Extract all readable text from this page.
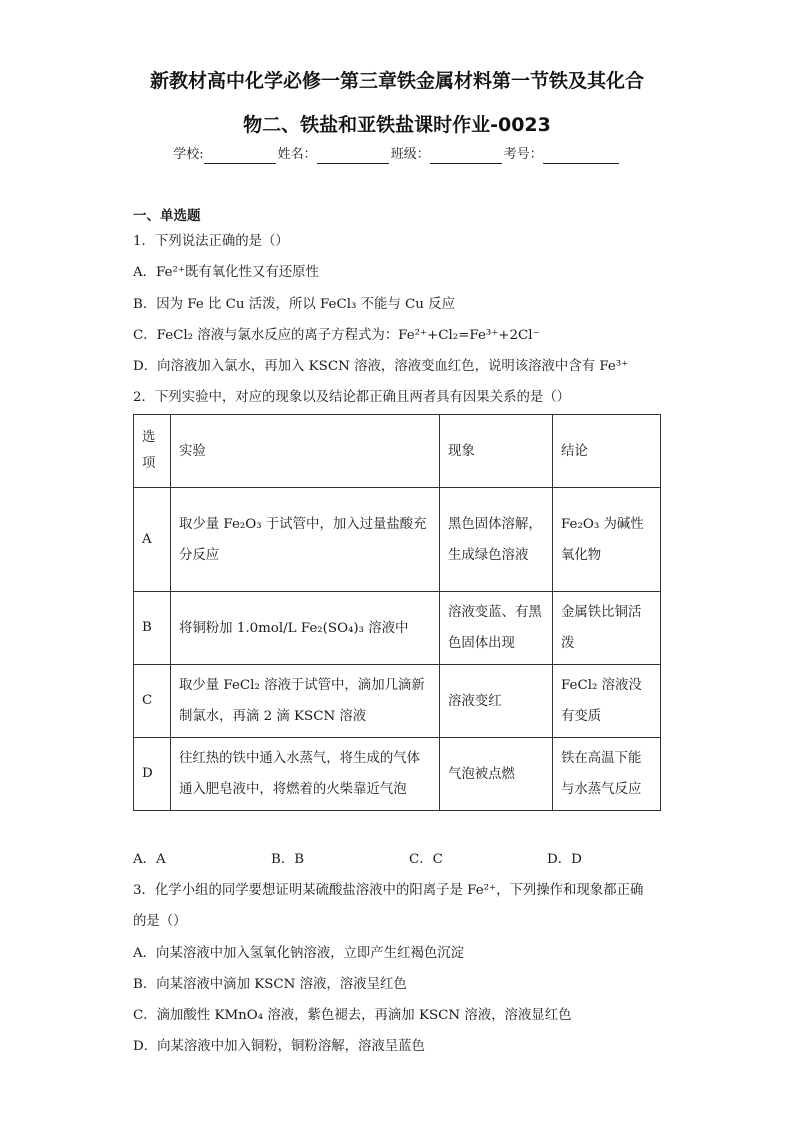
新教材高中化学必修一第三章铁金属材料第一节铁及其化合
物二、铁盐和亚铁盐课时作业-0023
学校:	姓名：	班级：	考号：
一、单选题
1．下列说法正确的是（）
A．Fe²⁺既有氧化性又有还原性
B．因为 Fe 比 Cu 活泼，所以 FeCl₃ 不能与 Cu 反应
C．FeCl₂ 溶液与氯水反应的离子方程式为：Fe²⁺+Cl₂=Fe³⁺+2Cl⁻
D．向溶液加入氯水，再加入 KSCN 溶液，溶液变血红色，说明该溶液中含有 Fe³⁺
2．下列实验中，对应的现象以及结论都正确且两者具有因果关系的是（）
选项	实验	现象	结论
A	取少量 Fe₂O₃ 于试管中，加入过量盐酸充分反应	黑色固体溶解，生成绿色溶液	Fe₂O₃ 为碱性氧化物
B	将铜粉加 1.0mol/L Fe₂(SO₄)₃ 溶液中	溶液变蓝、有黑色固体出现	金属铁比铜活泼
C	取少量 FeCl₂ 溶液于试管中，滴加几滴新制氯水，再滴 2 滴 KSCN 溶液	溶液变红	FeCl₂ 溶液没有变质
D	往红热的铁中通入水蒸气，将生成的气体通入肥皂液中，将燃着的火柴靠近气泡	气泡被点燃	铁在高温下能与水蒸气反应
A．A	B．B	C．C	D．D
3．化学小组的同学要想证明某硫酸盐溶液中的阳离子是 Fe²⁺，下列操作和现象都正确
的是（）
A．向某溶液中加入氢氧化钠溶液，立即产生红褐色沉淀
B．向某溶液中滴加 KSCN 溶液，溶液呈红色
C．滴加酸性 KMnO₄ 溶液，紫色褪去，再滴加 KSCN 溶液，溶液显红色
D．向某溶液中加入铜粉，铜粉溶解，溶液呈蓝色
